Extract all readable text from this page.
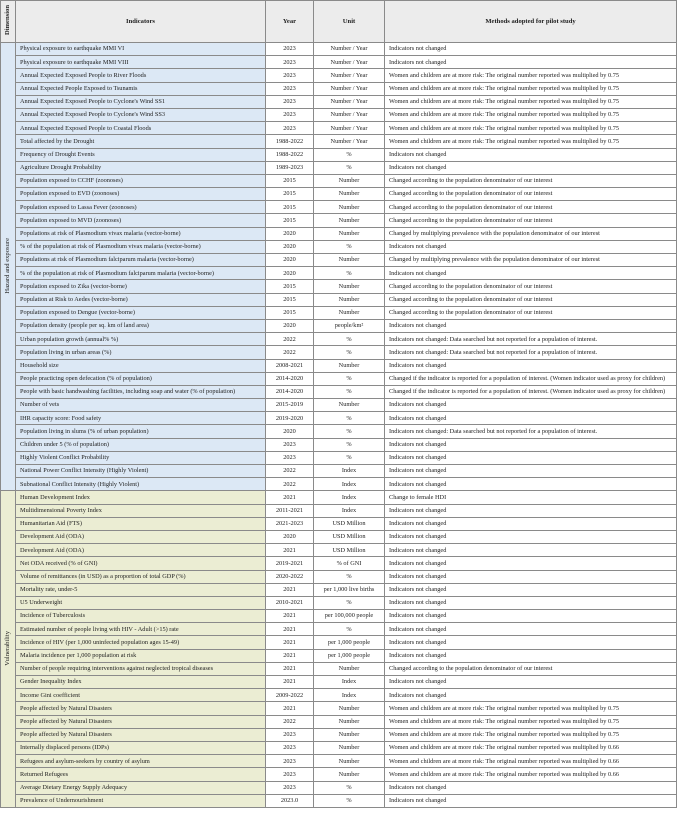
Dimension	Indicators	Year	Unit	Methods adopted for pilot study
Hazard and exposure	Physical exposure to earthquake MMI VI	2023	Number / Year	Indicators not changed
	Physical exposure to earthquake MMI VIII	2023	Number / Year	Indicators not changed
	Annual Expected Exposed People to River Floods	2023	Number / Year	Women and children are at more risk: The original number reported was multiplied by 0.75
	Annual Expected People Exposed to Tsunamis	2023	Number / Year	Women and children are at more risk: The original number reported was multiplied by 0.75
	Annual Expected Exposed People to Cyclone's Wind SS1	2023	Number / Year	Women and children are at more risk: The original number reported was multiplied by 0.75
	Annual Expected Exposed People to Cyclone's Wind SS3	2023	Number / Year	Women and children are at more risk: The original number reported was multiplied by 0.75
	Annual Expected Exposed People to Coastal Floods	2023	Number / Year	Women and children are at more risk: The original number reported was multiplied by 0.75
	Total affected by the Drought	1988-2022	Number / Year	Women and children are at more risk: The original number reported was multiplied by 0.75
	Frequency of Drought Events	1988-2022	%	Indicators not changed
	Agriculture Drought Probability	1989-2023	%	Indicators not changed
	Population exposed to CCHF (zoonoses)	2015	Number	Changed according to the population denominator of our interest
	Population exposed to EVD (zoonoses)	2015	Number	Changed according to the population denominator of our interest
	Population exposed to Lassa Fever (zoonoses)	2015	Number	Changed according to the population denominator of our interest
	Population exposed to MVD (zoonoses)	2015	Number	Changed according to the population denominator of our interest
	Populations at risk of Plasmodium vivax malaria (vector-borne)	2020	Number	Changed by multiplying prevalence with the population denominator of our interest
	% of the population at risk of Plasmodium vivax malaria (vector-borne)	2020	%	Indicators not changed
	Populations at risk of Plasmodium falciparum malaria (vector-borne)	2020	Number	Changed by multiplying prevalence with the population denominator of our interest
	% of the population at risk of Plasmodium falciparum malaria (vector-borne)	2020	%	Indicators not changed
	Population exposed to Zika (vector-borne)	2015	Number	Changed according to the population denominator of our interest
	Population at Risk to Aedes (vector-borne)	2015	Number	Changed according to the population denominator of our interest
	Population exposed to Dengue (vector-borne)	2015	Number	Changed according to the population denominator of our interest
	Population density (people per sq. km of land area)	2020	people/km²	Indicators not changed
	Urban population growth (annual% %)	2022	%	Indicators not changed: Data searched but not reported for a population of interest.
	Population living in urban areas (%)	2022	%	Indicators not changed: Data searched but not reported for a population of interest.
	Household size	2008-2021	Number	Indicators not changed
	People practicing open defecation (% of population)	2014-2020	%	Changed if the indicator is reported for a population of interest. (Women indicator used as proxy for children)
	People with basic handwashing facilities, including soap and water (% of population)	2014-2020	%	Changed if the indicator is reported for a population of interest. (Women indicator used as proxy for children)
	Number of vets	2015-2019	Number	Indicators not changed
	IHR capacity score: Food safety	2019-2020	%	Indicators not changed
	Population living in slums (% of urban population)	2020	%	Indicators not changed: Data searched but not reported for a population of interest.
	Children under 5 (% of population)	2023	%	Indicators not changed
	Highly Violent Conflict Probability	2023	%	Indicators not changed
	National Power Conflict Intensity (Highly Violent)	2022	Index	Indicators not changed
	Subnational Conflict Intensity (Highly Violent)	2022	Index	Indicators not changed
Vulnerability	Human Development Index	2021	Index	Change to female HDI
	Multidimensional Poverty Index	2011-2021	Index	Indicators not changed
	Humanitarian Aid (FTS)	2021-2023	USD Million	Indicators not changed
	Development Aid (ODA)	2020	USD Million	Indicators not changed
	Development Aid (ODA)	2021	USD Million	Indicators not changed
	Net ODA received (% of GNI)	2019-2021	% of GNI	Indicators not changed
	Volume of remittances (in USD) as a proportion of total GDP (%)	2020-2022	%	Indicators not changed
	Mortality rate, under-5	2021	per 1,000 live births	Indicators not changed
	U5 Underweight	2010-2021	%	Indicators not changed
	Incidence of Tuberculosis	2021	per 100,000 people	Indicators not changed
	Estimated number of people living with HIV - Adult (>15) rate	2021	%	Indicators not changed
	Incidence of HIV (per 1,000 uninfected population ages 15-49)	2021	per 1,000 people	Indicators not changed
	Malaria incidence per 1,000 population at risk	2021	per 1,000 people	Indicators not changed
	Number of people requiring interventions against neglected tropical diseases	2021	Number	Changed according to the population denominator of our interest
	Gender Inequality Index	2021	Index	Indicators not changed
	Income Gini coefficient	2009-2022	Index	Indicators not changed
	People affected by Natural Disasters	2021	Number	Women and children are at more risk: The original number reported was multiplied by 0.75
	People affected by Natural Disasters	2022	Number	Women and children are at more risk: The original number reported was multiplied by 0.75
	People affected by Natural Disasters	2023	Number	Women and children are at more risk: The original number reported was multiplied by 0.75
	Internally displaced persons (IDPs)	2023	Number	Women and children are at more risk: The original number reported was multiplied by 0.66
	Refugees and asylum-seekers by country of asylum	2023	Number	Women and children are at more risk: The original number reported was multiplied by 0.66
	Returned Refugees	2023	Number	Women and children are at more risk: The original number reported was multiplied by 0.66
	Average Dietary Energy Supply Adequacy	2023	%	Indicators not changed
	Prevalence of Undernourishment	2023.0	%	Indicators not changed
